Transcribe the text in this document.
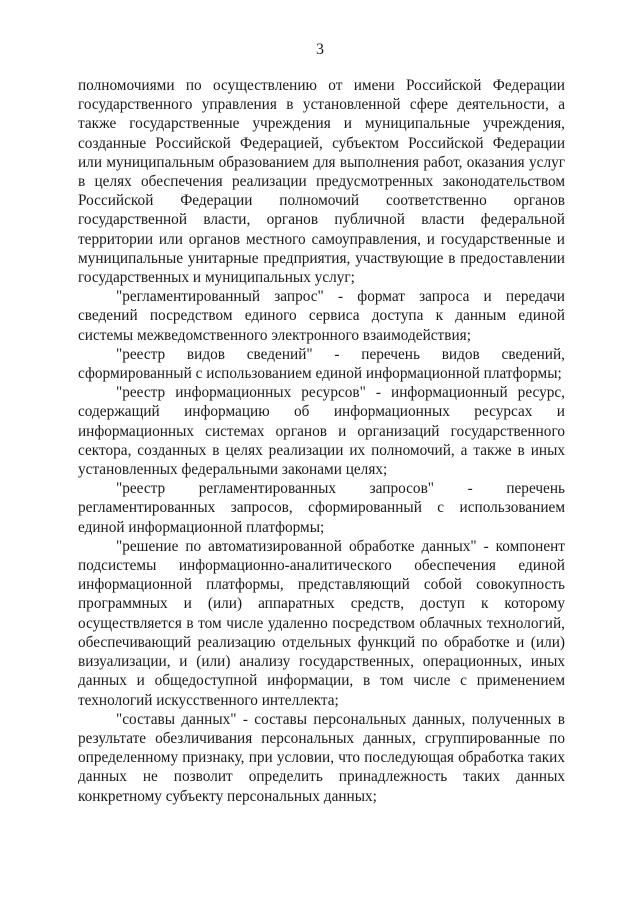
3

полномочиями по осуществлению от имени Российской Федерации государственного управления в установленной сфере деятельности, а также государственные учреждения и муниципальные учреждения, созданные Российской Федерацией, субъектом Российской Федерации или муниципальным образованием для выполнения работ, оказания услуг в целях обеспечения реализации предусмотренных законодательством Российской Федерации полномочий соответственно органов государственной власти, органов публичной власти федеральной территории или органов местного самоуправления, и государственные и муниципальные унитарные предприятия, участвующие в предоставлении государственных и муниципальных услуг;

"регламентированный запрос" - формат запроса и передачи сведений посредством единого сервиса доступа к данным единой системы межведомственного электронного взаимодействия;

"реестр видов сведений" - перечень видов сведений, сформированный с использованием единой информационной платформы;

"реестр информационных ресурсов" - информационный ресурс, содержащий информацию об информационных ресурсах и информационных системах органов и организаций государственного сектора, созданных в целях реализации их полномочий, а также в иных установленных федеральными законами целях;

"реестр регламентированных запросов" - перечень регламентированных запросов, сформированный с использованием единой информационной платформы;

"решение по автоматизированной обработке данных" - компонент подсистемы информационно-аналитического обеспечения единой информационной платформы, представляющий собой совокупность программных и (или) аппаратных средств, доступ к которому осуществляется в том числе удаленно посредством облачных технологий, обеспечивающий реализацию отдельных функций по обработке и (или) визуализации, и (или) анализу государственных, операционных, иных данных и общедоступной информации, в том числе с применением технологий искусственного интеллекта;

"составы данных" - составы персональных данных, полученных в результате обезличивания персональных данных, сгруппированные по определенному признаку, при условии, что последующая обработка таких данных не позволит определить принадлежность таких данных конкретному субъекту персональных данных;
